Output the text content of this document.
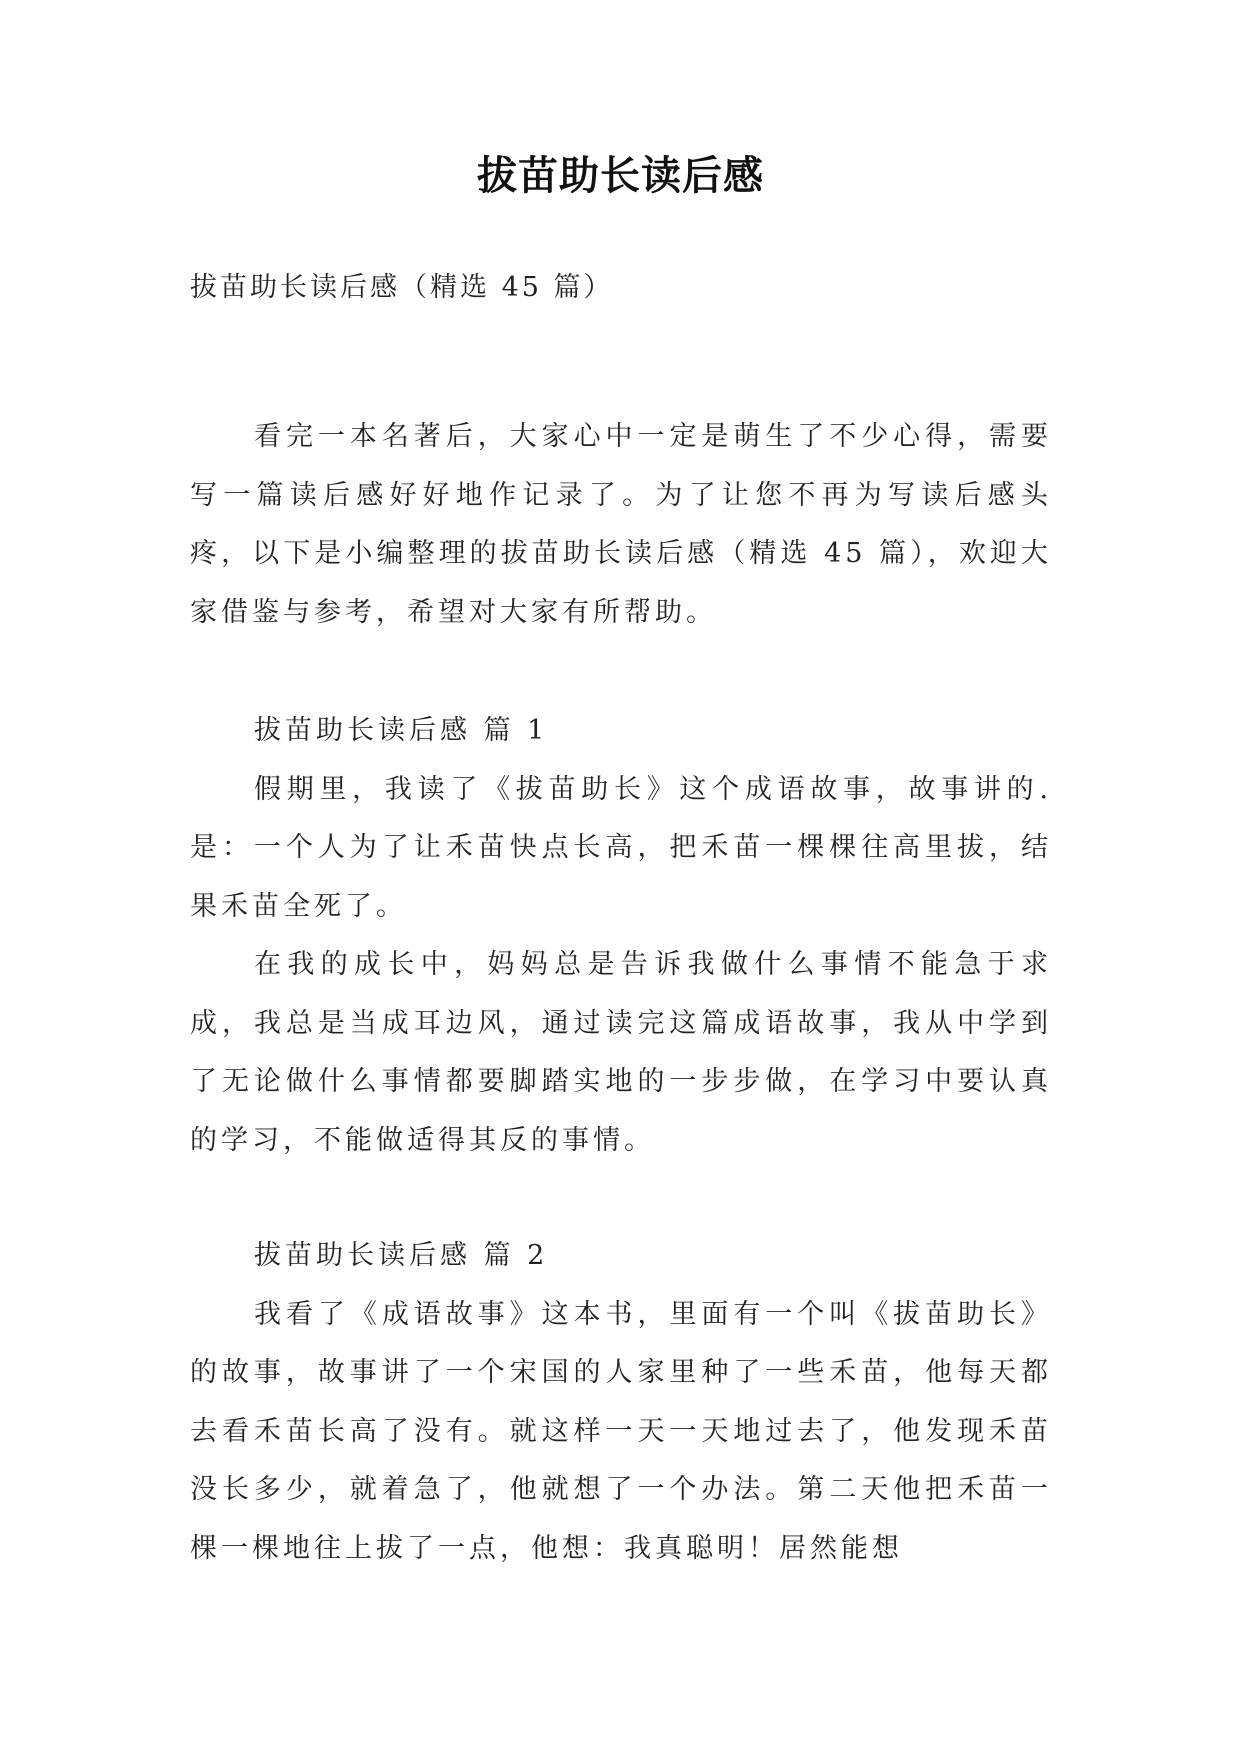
拔苗助长读后感
拔苗助长读后感（精选 45 篇）

看完一本名著后，大家心中一定是萌生了不少心得，需要写一篇读后感好好地作记录了。为了让您不再为写读后感头疼，以下是小编整理的拔苗助长读后感（精选 45 篇），欢迎大家借鉴与参考，希望对大家有所帮助。

拔苗助长读后感 篇 1

假期里，我读了《拔苗助长》这个成语故事，故事讲的.是：一个人为了让禾苗快点长高，把禾苗一棵棵往高里拔，结果禾苗全死了。

在我的成长中，妈妈总是告诉我做什么事情不能急于求成，我总是当成耳边风，通过读完这篇成语故事，我从中学到了无论做什么事情都要脚踏实地的一步步做，在学习中要认真的学习，不能做适得其反的事情。

拔苗助长读后感 篇 2

我看了《成语故事》这本书，里面有一个叫《拔苗助长》的故事，故事讲了一个宋国的人家里种了一些禾苗，他每天都去看禾苗长高了没有。就这样一天一天地过去了，他发现禾苗没长多少，就着急了，他就想了一个办法。第二天他把禾苗一棵一棵地往上拔了一点，他想：我真聪明！居然能想
